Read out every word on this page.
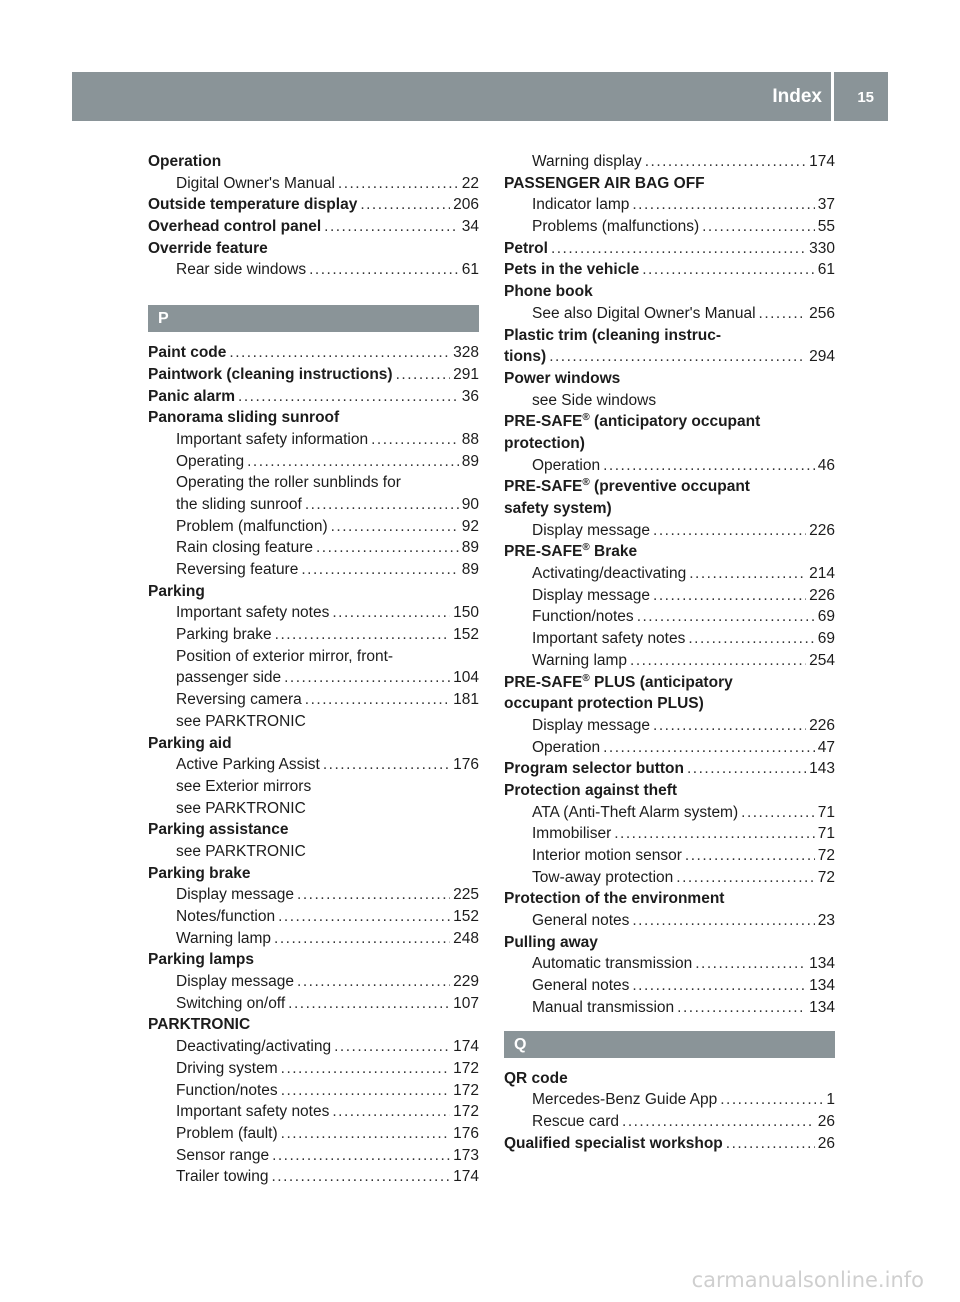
Index 15
Operation
Digital Owner's Manual .....	22
Outside temperature display .....	206
Overhead control panel .....	34
Override feature
Rear side windows .....	61
P
Paint code .....	328
Paintwork (cleaning instructions) .....	291
Panic alarm .....	36
Panorama sliding sunroof
Important safety information .....	88
Operating .....	89
Operating the roller sunblinds for
the sliding sunroof .....	90
Problem (malfunction) .....	92
Rain closing feature .....	89
Reversing feature .....	89
Parking
Important safety notes .....	150
Parking brake .....	152
Position of exterior mirror, front-
passenger side .....	104
Reversing camera .....	181
see PARKTRONIC
Parking aid
Active Parking Assist .....	176
see Exterior mirrors
see PARKTRONIC
Parking assistance
see PARKTRONIC
Parking brake
Display message .....	225
Notes/function .....	152
Warning lamp .....	248
Parking lamps
Display message .....	229
Switching on/off .....	107
PARKTRONIC
Deactivating/activating .....	174
Driving system .....	172
Function/notes .....	172
Important safety notes .....	172
Problem (fault) .....	176
Sensor range .....	173
Trailer towing .....	174
Warning display .....	174
PASSENGER AIR BAG OFF
Indicator lamp .....	37
Problems (malfunctions) .....	55
Petrol .....	330
Pets in the vehicle .....	61
Phone book
See also Digital Owner's Manual .....	256
Plastic trim (cleaning instruc-
tions) .....	294
Power windows
see Side windows
PRE-SAFE® (anticipatory occupant
protection)
Operation .....	46
PRE-SAFE® (preventive occupant
safety system)
Display message .....	226
PRE-SAFE® Brake
Activating/deactivating .....	214
Display message .....	226
Function/notes .....	69
Important safety notes .....	69
Warning lamp .....	254
PRE-SAFE® PLUS (anticipatory
occupant protection PLUS)
Display message .....	226
Operation .....	47
Program selector button .....	143
Protection against theft
ATA (Anti-Theft Alarm system) .....	71
Immobiliser .....	71
Interior motion sensor .....	72
Tow-away protection .....	72
Protection of the environment
General notes .....	23
Pulling away
Automatic transmission .....	134
General notes .....	134
Manual transmission .....	134
Q
QR code
Mercedes-Benz Guide App .....	1
Rescue card .....	26
Qualified specialist workshop .....	26
carmanualsonline.info
